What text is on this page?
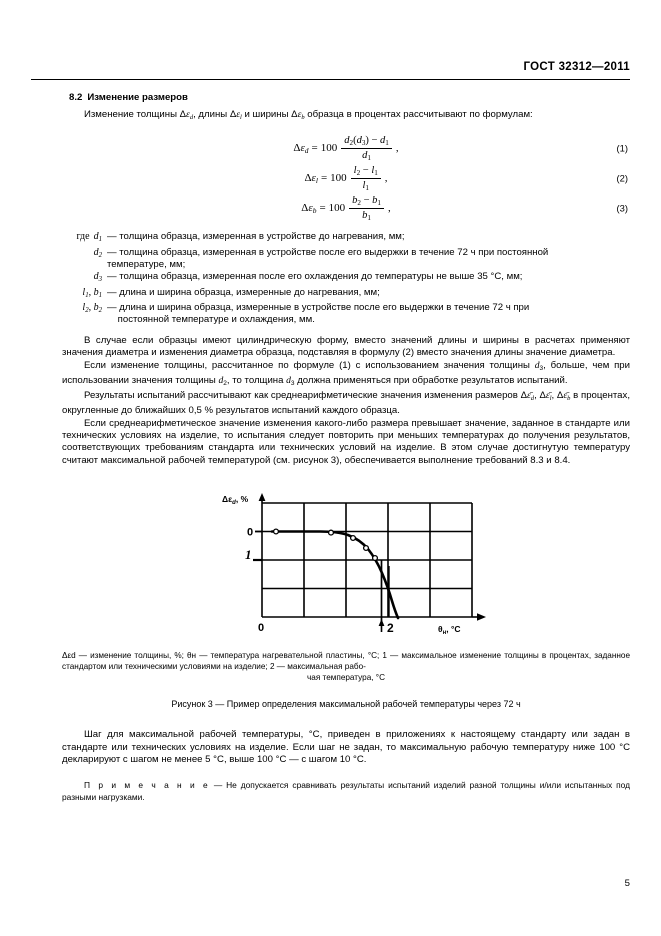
ГОСТ 32312—2011
8.2 Изменение размеров

Изменение толщины $\Delta\varepsilon_d$, длины $\Delta\varepsilon_l$ и ширины $\Delta\varepsilon_b$ образца в процентах рассчитывают по формулам:

$\Delta\varepsilon_d = 100 \frac{d_2(d_3) - d_1}{d_1}$ ,	(1)
$\Delta\varepsilon_l = 100 \frac{l_2 - l_1}{l_1}$ ,	(2)
$\Delta\varepsilon_b = 100 \frac{b_2 - b_1}{b_1}$ ,	(3)
где $d_1$ — толщина образца, измеренная в устройстве до нагревания, мм;
$d_2$ — толщина образца, измеренная в устройстве после его выдержки в течение 72 ч при постоянной
температуре, мм;
$d_3$ — толщина образца, измеренная после его охлаждения до температуры не выше 35 °С, мм;
$l_1$, $b_1$ — длина и ширина образца, измеренные до нагревания, мм;
$l_2$, $b_2$ — длина и ширина образца, измеренные в устройстве после его выдержки в течение 72 ч при
постоянной температуре и охлаждения, мм.

В случае если образцы имеют цилиндрическую форму, вместо значений длины и ширины в расчетах применяют значения диаметра и изменения диаметра образца, подставляя в формулу (2) вместо значения длины значение диаметра.

Если изменение толщины, рассчитанное по формуле (1) с использованием значения толщины $d_3$, больше, чем при использовании значения толщины $d_2$, то толщина $d_3$ должна применяться при обработке результатов испытаний.

Результаты испытаний рассчитывают как среднеарифметические значения изменения размеров $\Delta\varepsilon̄_d$, $\Delta\varepsilon̄_l$, $\Delta\varepsilon̄_b$ в процентах, округленные до ближайших 0,5 % результатов испытаний каждого образца.

Если среднеарифметическое значение изменения какого-либо размера превышает значение, заданное в стандарте или технических условиях на изделие, то испытания следует повторить при меньших температурах до получения результатов, соответствующих требованиям стандарта или технических условий на изделие. В этом случае достигнутую температуру считают максимальной рабочей температурой (см. рисунок 3), обеспечивается выполнение требований 8.3 и 8.4.

0
1
0	2
$\Delta\varepsilon_d$, %
$\theta_н$, °С
Δεd — изменение толщины, %; θн — температура нагревательной пластины, °С; 1 — максимальное изменение толщины в процентах, заданное стандартом или техническими условиями на изделие; 2 — максимальная рабо-
чая температура, °С
Рисунок 3 — Пример определения максимальной рабочей температуры через 72 ч

Шаг для максимальной рабочей температуры, °С, приведен в приложениях к настоящему стандарту или задан в стандарте или технических условиях на изделие. Если шаг не задан, то максимальную рабочую температуру ниже 100 °С декларируют с шагом не менее 5 °С, выше 100 °С — с шагом 10 °С.

П р и м е ч а н и е — Не допускается сравнивать результаты испытаний изделий разной толщины и/или испытанных под разными нагрузками.
5
